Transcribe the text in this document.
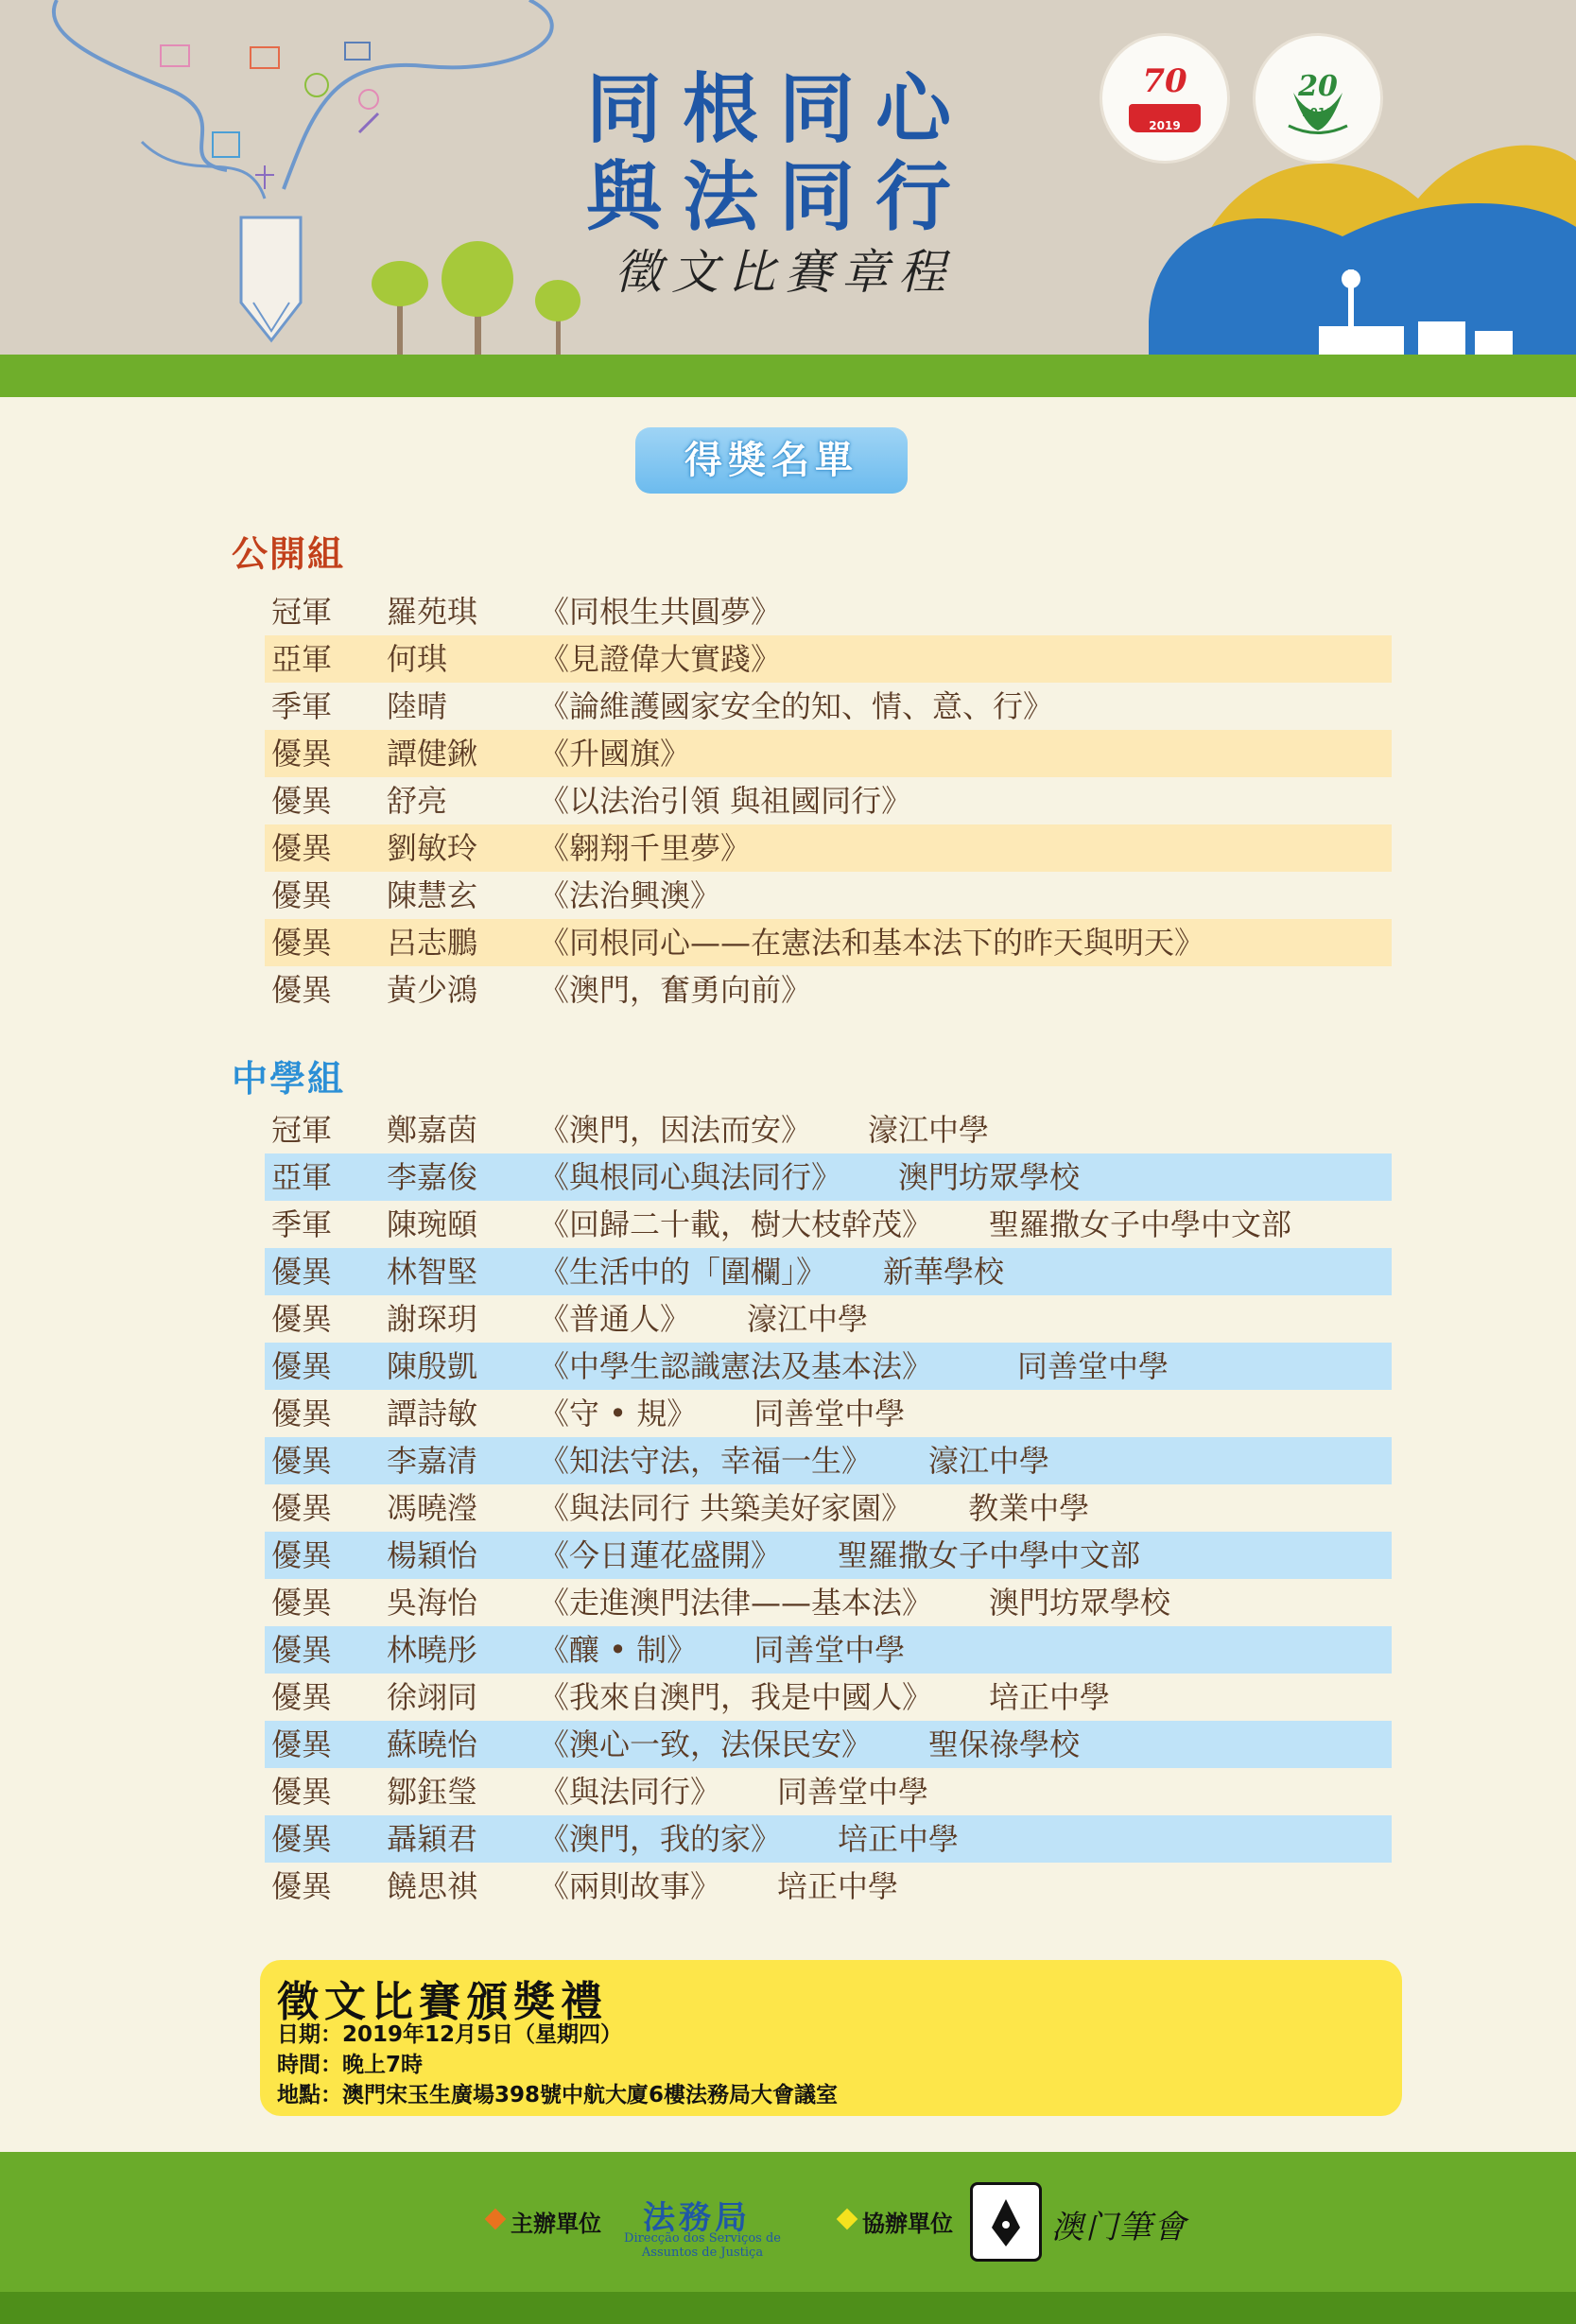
同根同心
與法同行
徵文比賽章程
70
2019
20
2019
得獎名單
公開組
冠軍 羅苑琪 《同根生共圓夢》
亞軍 何琪	《見證偉大實踐》
季軍 陸晴	《論維護國家安全的知、情、意、行》
優異 譚健鍬 《升國旗》
優異 舒亮	《以法治引領 與祖國同行》
優異 劉敏玲 《翱翔千里夢》
優異 陳慧玄 《法治興澳》
優異 呂志鵬 《同根同心——在憲法和基本法下的昨天與明天》
優異 黃少鴻 《澳門，奮勇向前》
中學組
冠軍 鄭嘉茵 《澳門，因法而安》 濠江中學
亞軍 李嘉俊 《與根同心與法同行》 澳門坊眾學校
季軍 陳琬頤 《回歸二十載，樹大枝幹茂》 聖羅撒女子中學中文部
優異 林智堅 《生活中的「圍欄」》 新華學校
優異 謝琛玥 《普通人》 濠江中學
優異 陳殷凱 《中學生認識憲法及基本法》	同善堂中學
優異 譚詩敏 《守 • 規》 同善堂中學
優異 李嘉清 《知法守法，幸福一生》 濠江中學
優異 馮曉瀅 《與法同行 共築美好家園》 教業中學
優異 楊穎怡 《今日蓮花盛開》 聖羅撒女子中學中文部
優異 吳海怡 《走進澳門法律——基本法》 澳門坊眾學校
優異 林曉彤 《釀 • 制》 同善堂中學
優異 徐翊同 《我來自澳門，我是中國人》 培正中學
優異 蘇曉怡 《澳心一致，法保民安》 聖保祿學校
優異 鄒鈺瑩 《與法同行》 同善堂中學
優異 聶穎君 《澳門，我的家》 培正中學
優異 饒思祺 《兩則故事》 培正中學
徵文比賽頒獎禮
日期：2019年12月5日（星期四）
時間：晚上7時
地點：澳門宋玉生廣場398號中航大廈6樓法務局大會議室
主辦單位 法務局
Direcção dos Serviços de Assuntos de Justiça
協辦單位	澳门筆會
